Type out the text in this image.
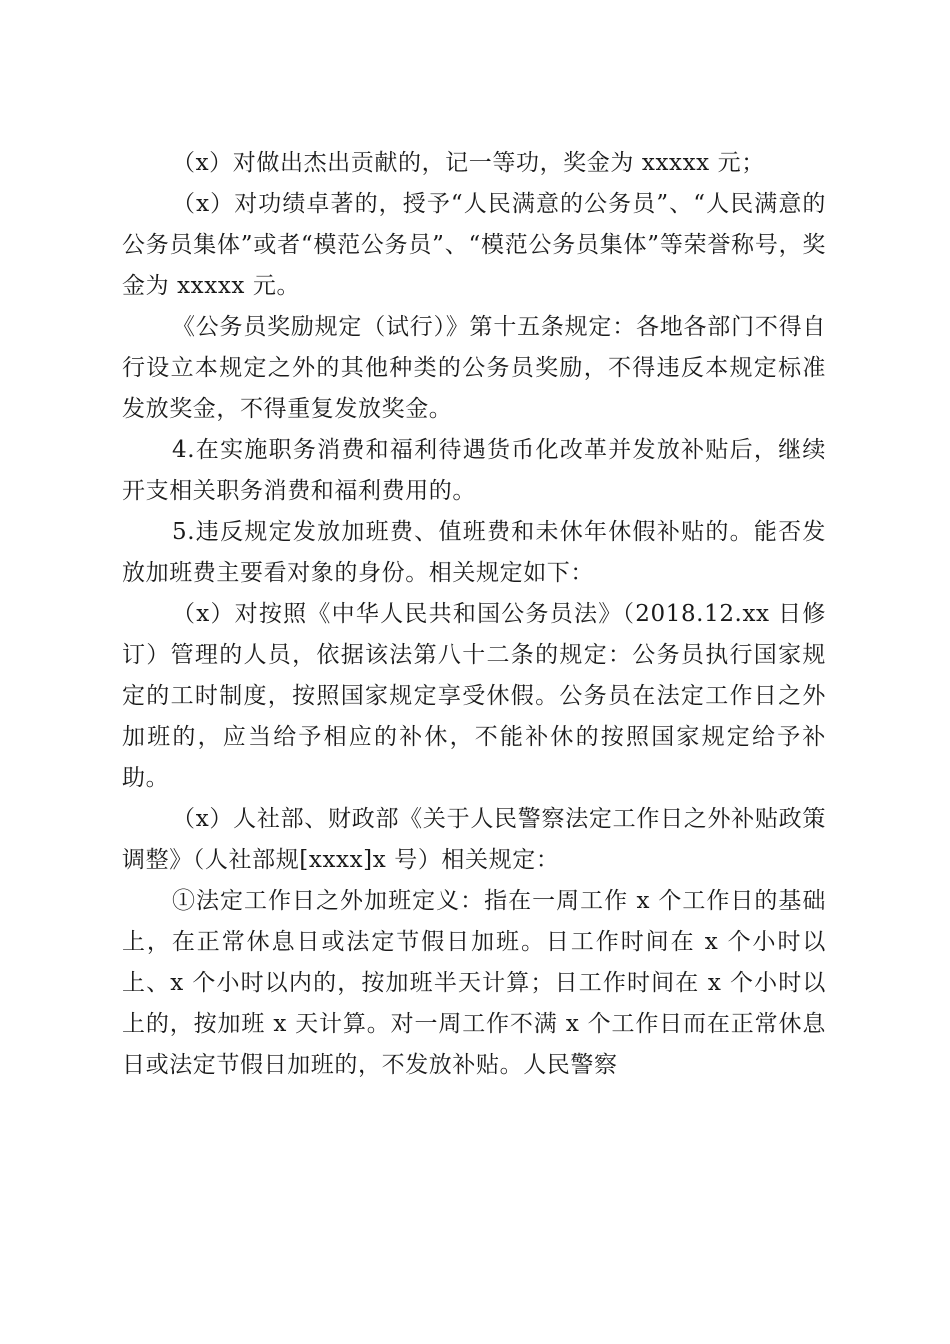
（x）对做出杰出贡献的，记一等功，奖金为 xxxxx 元；

（x）对功绩卓著的，授予“人民满意的公务员”、“人民满意的公务员集体”或者“模范公务员”、“模范公务员集体”等荣誉称号，奖金为 xxxxx 元。

《公务员奖励规定（试行）》第十五条规定：各地各部门不得自行设立本规定之外的其他种类的公务员奖励，不得违反本规定标准发放奖金，不得重复发放奖金。

4.在实施职务消费和福利待遇货币化改革并发放补贴后，继续开支相关职务消费和福利费用的。

5.违反规定发放加班费、值班费和未休年休假补贴的。能否发放加班费主要看对象的身份。相关规定如下：

（x）对按照《中华人民共和国公务员法》（2018.12.xx 日修订）管理的人员，依据该法第八十二条的规定：公务员执行国家规定的工时制度，按照国家规定享受休假。公务员在法定工作日之外加班的，应当给予相应的补休，不能补休的按照国家规定给予补助。

（x）人社部、财政部《关于人民警察法定工作日之外补贴政策调整》（人社部规[xxxx]x 号）相关规定：

①法定工作日之外加班定义：指在一周工作 x 个工作日的基础上，在正常休息日或法定节假日加班。日工作时间在 x 个小时以上、x 个小时以内的，按加班半天计算；日工作时间在 x 个小时以上的，按加班 x 天计算。对一周工作不满 x 个工作日而在正常休息日或法定节假日加班的，不发放补贴。人民警察
